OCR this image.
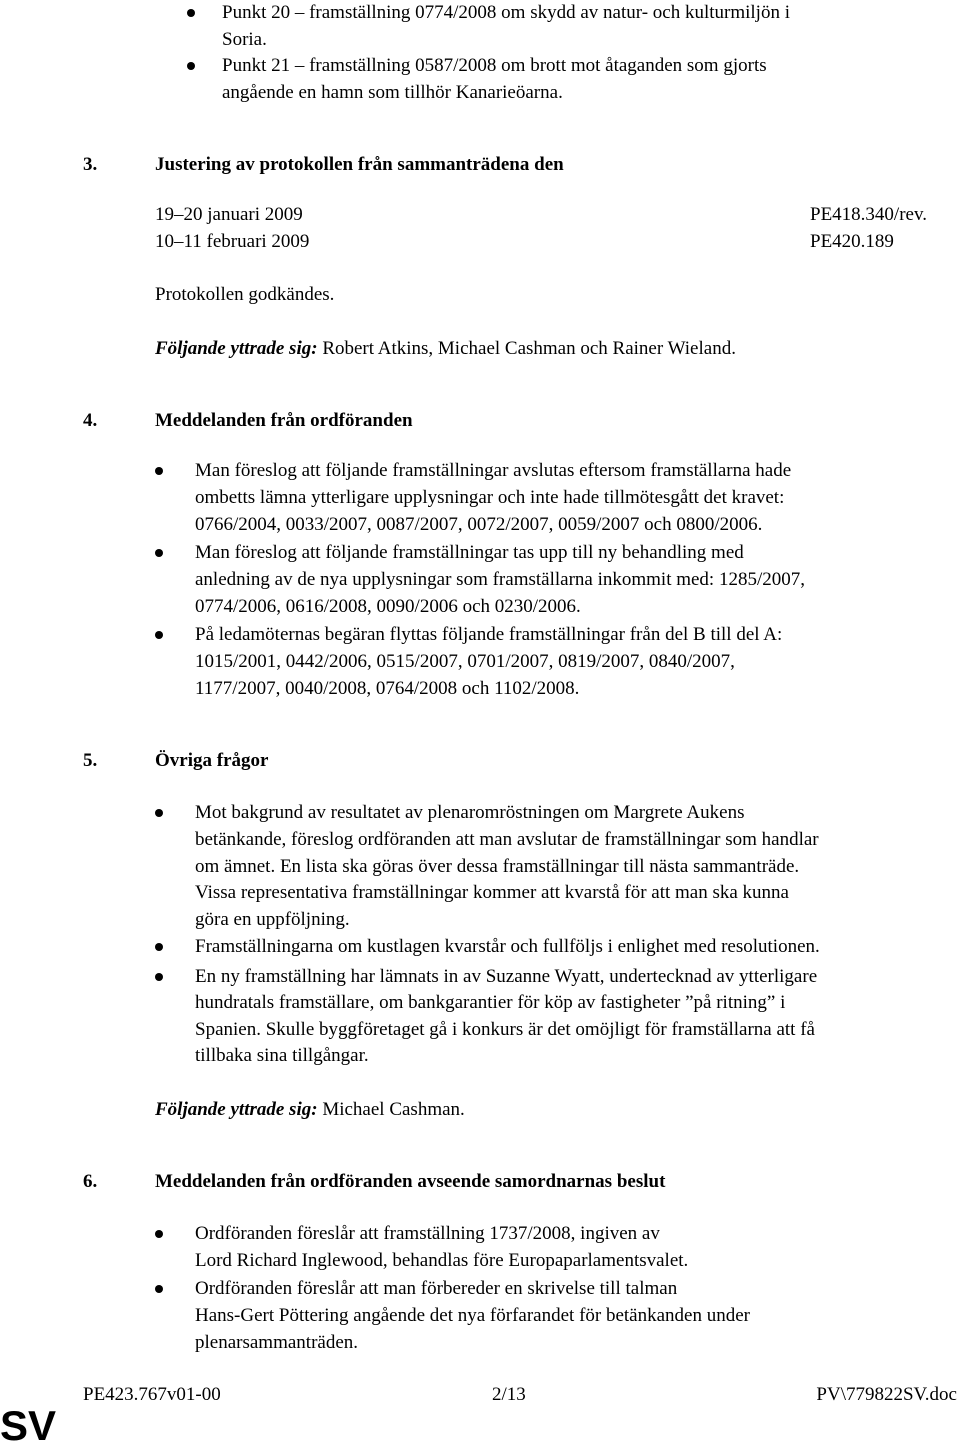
Punkt 20 – framställning 0774/2008 om skydd av natur- och kulturmiljön i
Soria.
Punkt 21 – framställning 0587/2008 om brott mot åtaganden som gjorts
angående en hamn som tillhör Kanarieöarna.
3.	Justering av protokollen från sammanträdena den
19–20 januari 2009	PE418.340/rev.
10–11 februari 2009	PE420.189
Protokollen godkändes.
Följande yttrade sig: Robert Atkins, Michael Cashman och Rainer Wieland.
4.	Meddelanden från ordföranden
Man föreslog att följande framställningar avslutas eftersom framställarna hade
ombetts lämna ytterligare upplysningar och inte hade tillmötesgått det kravet:
0766/2004, 0033/2007, 0087/2007, 0072/2007, 0059/2007 och 0800/2006.
Man föreslog att följande framställningar tas upp till ny behandling med
anledning av de nya upplysningar som framställarna inkommit med: 1285/2007,
0774/2006, 0616/2008, 0090/2006 och 0230/2006.
På ledamöternas begäran flyttas följande framställningar från del B till del A:
1015/2001, 0442/2006, 0515/2007, 0701/2007, 0819/2007, 0840/2007,
1177/2007, 0040/2008, 0764/2008 och 1102/2008.
5.	Övriga frågor
Mot bakgrund av resultatet av plenaromröstningen om Margrete Aukens
betänkande, föreslog ordföranden att man avslutar de framställningar som handlar
om ämnet. En lista ska göras över dessa framställningar till nästa sammanträde.
Vissa representativa framställningar kommer att kvarstå för att man ska kunna
göra en uppföljning.
Framställningarna om kustlagen kvarstår och fullföljs i enlighet med resolutionen.
En ny framställning har lämnats in av Suzanne Wyatt, undertecknad av ytterligare
hundratals framställare, om bankgarantier för köp av fastigheter ”på ritning” i
Spanien. Skulle byggföretaget gå i konkurs är det omöjligt för framställarna att få
tillbaka sina tillgångar.
Följande yttrade sig: Michael Cashman.
6.	Meddelanden från ordföranden avseende samordnarnas beslut
Ordföranden föreslår att framställning 1737/2008, ingiven av
Lord Richard Inglewood, behandlas före Europaparlamentsvalet.
Ordföranden föreslår att man förbereder en skrivelse till talman
Hans-Gert Pöttering angående det nya förfarandet för betänkanden under
plenarsammanträden.
SV
PE423.767v01-00	2/13	PV\779822SV.doc
